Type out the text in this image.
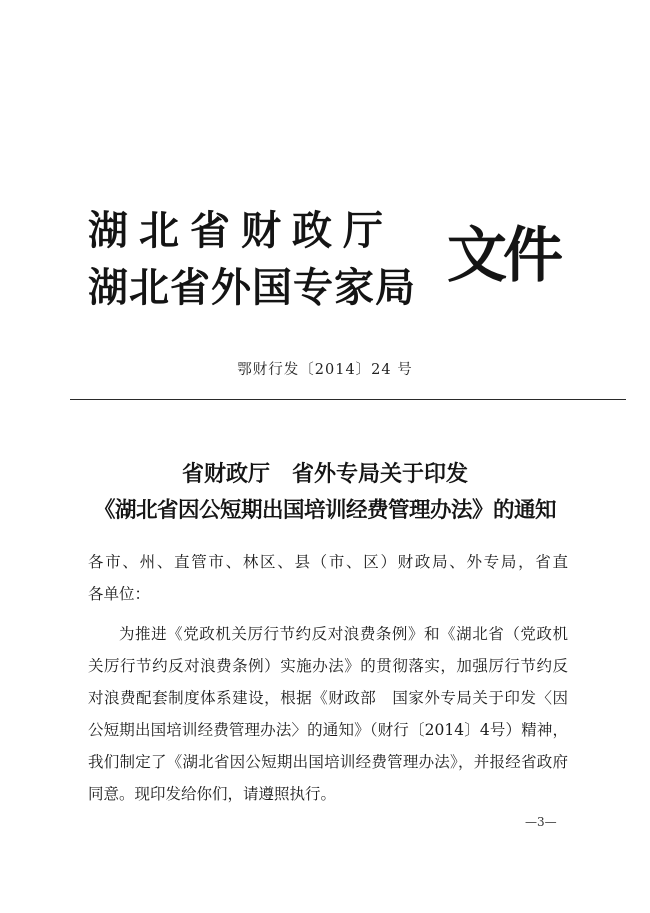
湖北省财政厅
湖北省外国专家局 文件
鄂财行发〔2014〕24 号
省财政厅 省外专局关于印发
《湖北省因公短期出国培训经费管理办法》的通知
各市、州、直管市、林区、县（市、区）财政局、外专局，省直
各单位：
为推进《党政机关厉行节约反对浪费条例》和《湖北省（党政机关厉行节约反对浪费条例）实施办法》的贯彻落实，加强厉行节约反对浪费配套制度体系建设，根据《财政部　国家外专局关于印发〈因公短期出国培训经费管理办法〉的通知》（财行〔2014〕4号）精神，我们制定了《湖北省因公短期出国培训经费管理办法》，并报经省政府同意。现印发给你们，请遵照执行。
—3—
